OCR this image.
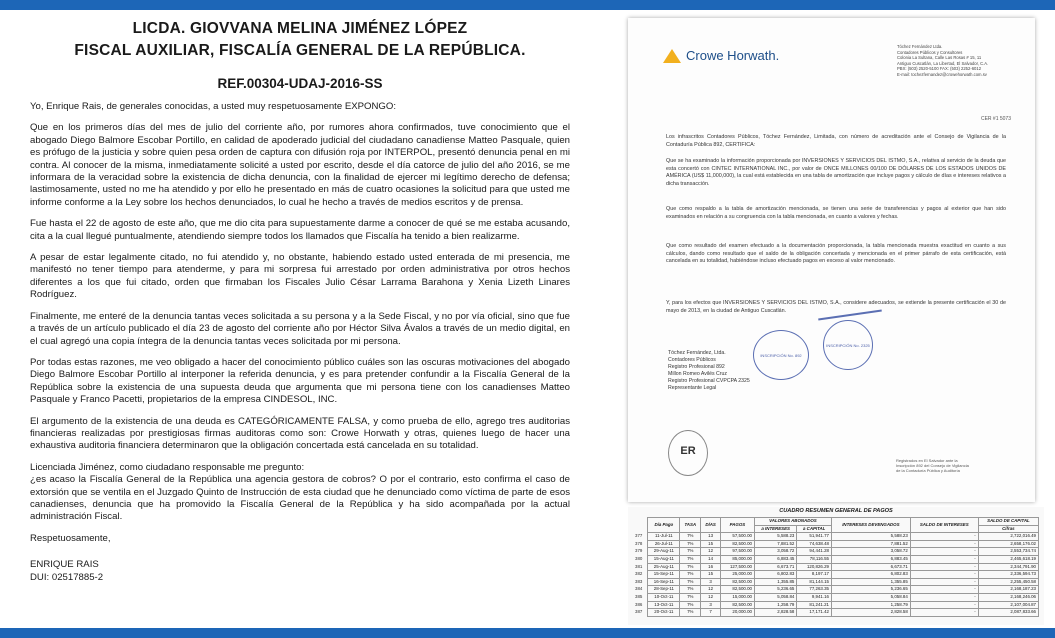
LICDA. GIOVVANA MELINA JIMÉNEZ LÓPEZ
FISCAL AUXILIAR, FISCALÍA GENERAL DE LA REPÚBLICA.
REF.00304-UDAJ-2016-SS

Yo, Enrique Rais, de generales conocidas, a usted muy respetuosamente EXPONGO:

Que en los primeros días del mes de julio del corriente año, por rumores ahora confirmados, tuve conocimiento que el abogado Diego Balmore Escobar Portillo, en calidad de apoderado judicial del ciudadano canadiense Matteo Pasquale, quien es prófugo de la justicia y sobre quien pesa orden de captura con difusión roja por INTERPOL, presentó denuncia penal en mi contra. Al conocer de la misma, inmediatamente solicité a usted por escrito, desde el día catorce de julio del año 2016, se me informara de la veracidad sobre la existencia de dicha denuncia, con la finalidad de ejercer mi legítimo derecho de defensa; lastimosamente, usted no me ha atendido y por ello he presentado en más de cuatro ocasiones la solicitud para que usted me informe conforme a la Ley sobre los hechos denunciados, lo cual he hecho a través de medios escritos y de prensa.

Fue hasta el 22 de agosto de este año, que me dio cita para supuestamente darme a conocer de qué se me estaba acusando, cita a la cual llegué puntualmente, atendiendo siempre todos los llamados que Fiscalía ha tenido a bien realizarme.

A pesar de estar legalmente citado, no fui atendido y, no obstante, habiendo estado usted enterada de mi presencia, me manifestó no tener tiempo para atenderme, y para mi sorpresa fui arrestado por orden administrativa por otros hechos diferentes a los que fui citado, orden que firmaban los Fiscales Julio César Larrama Barahona y Xenia Lizeth Linares Rodríguez.

Finalmente, me enteré de la denuncia tantas veces solicitada a su persona y a la Sede Fiscal, y no por vía oficial, sino que fue a través de un artículo publicado el día 23 de agosto del corriente año por Héctor Silva Ávalos a través de un medio digital, en el cual agregó una copia íntegra de la denuncia tantas veces solicitada por mi persona.

Por todas estas razones, me veo obligado a hacer del conocimiento público cuáles son las oscuras motivaciones del abogado Diego Balmore Escobar Portillo al interponer la referida denuncia, y es para pretender confundir a la Fiscalía General de la República sobre la existencia de una supuesta deuda que argumenta que mi persona tiene con los canadienses Matteo Pasquale y Franco Pacetti, propietarios de la empresa CINDESOL, INC.

El argumento de la existencia de una deuda es CATEGÓRICAMENTE FALSA, y como prueba de ello, agrego tres auditorias financieras realizadas por prestigiosas firmas auditoras como son: Crowe Horwath y otras, quienes luego de hacer una exhaustiva auditoria financiera determinaron que la obligación concertada está cancelada en su totalidad.

Licenciada Jiménez, como ciudadano responsable me pregunto:
¿es acaso la Fiscalía General de la República una agencia gestora de cobros? O por el contrario, esto confirma el caso de extorsión que se ventila en el Juzgado Quinto de Instrucción de esta ciudad que he denunciado como víctima de parte de esos canadienses, denuncia que ha promovido la Fiscalía General de la República y ha sido acompañada por la actual administración Fiscal.

Respetuosamente,

ENRIQUE RAIS

DUI: 02517885-2

Crowe Horwath.
Tóchez Fernández Ltda.
Contadores Públicos y Consultores
Colonia La Sultana, Calle Las Rosas # 15, 11
Antiguo Cuscatlán, La Libertad, El Salvador, C.A.
PBX: (503) 2520-5100 FAX: (503) 2252-6012
E-mail: tochezfernandez@crowehorwath.com.sv
CER #1 5073

Los infrascritos Contadores Públicos, Tóchez Fernández, Limitada, con número de acreditación ante el Consejo de Vigilancia de la Contaduría Pública 892, CERTIFICA:

Que se ha examinado la información proporcionada por INVERSIONES Y SERVICIOS DEL ISTMO, S.A., relativa al servicio de la deuda que esta concertó con CINTEC INTERNATIONAL INC., por valor de ONCE MILLONES 00/100 DE DÓLARES DE LOS ESTADOS UNIDOS DE AMÉRICA (US$ 11,000,000), la cual está establecida en una tabla de amortización que incluye pagos y cálculo de días e intereses relativos a dicha transacción.

Que como respaldo a la tabla de amortización mencionada, se tienen una serie de transferencias y pagos al exterior que han sido examinados en relación a su congruencia con la tabla mencionada, en cuanto a valores y fechas.

Que como resultado del examen efectuado a la documentación proporcionada, la tabla mencionada muestra exactitud en cuanto a sus cálculos, dando como resultado que el saldo de la obligación concertada y mencionada en el primer párrafo de esta certificación, está cancelada en su totalidad, habiéndose incluso efectuado pagos en exceso al valor mencionado.

Y, para los efectos que INVERSIONES Y SERVICIOS DEL ISTMO, S.A., considere adecuados, se extiende la presente certificación el 30 de mayo de 2013, en la ciudad de Antiguo Cuscatlán.

INSCRIPCIÓN No. 892
INSCRIPCIÓN No. 2325

Tóchez Fernández, Ltda.
Contadores Públicos
Registro Profesional 892
Millon Romeo Avilés Cruz
Registro Profesional CVPCPA 2325
Representante Legal

ER

Registrados en El Salvador ante la
Inscripción 892 del Consejo de Vigilancia
de la Contaduría Pública y Auditoría

CUADRO RESUMEN GENERAL DE PAGOS
	Día Pago	TASA	DÍAS	PAGOS	VALORES ABONADOS		INTERESES DEVENGADOS	SALDO DE INTERESES	SALDO DE CAPITAL
					a INTERESES	a CAPITAL			Cifras
377	11-Jul-11	7%	13	57,500.00	5,588.23	51,941.77	5,588.23	-	2,722,016.49
378	26-Jul-11	7%	15	82,500.00	7,881.52	74,638.48	7,881.52	-	2,658,176.02
379	29-Aug-11	7%	12	97,500.00	3,058.72	94,441.28	3,058.72	-	2,553,734.74
380	15-Aug-11	7%	14	85,000.00	6,883.45	78,116.55	6,883.45	-	2,465,618.19
381	25-Aug-11	7%	16	127,500.00	6,673.71	120,826.29	6,673.71	-	2,344,791.90
382	15-Sep-11	7%	15	25,000.00	6,802.83	8,197.17	6,802.83	-	2,336,594.73
383	16-Sep-11	7%	3	82,500.00	1,355.85	81,144.15	1,355.85	-	2,255,450.58
384	28-Sep-11	7%	12	82,500.00	5,236.65	77,263.35	5,236.65	-	2,168,187.23
385	10-Oct-11	7%	12	15,000.00	5,058.84	9,941.16	5,058.84	-	2,168,246.06
386	13-Oct-11	7%	3	82,500.00	1,258.79	81,241.21	1,258.79	-	2,107,004.87
387	20-Oct-11	7%	7	20,000.00	2,828.58	17,171.42	2,828.58	-	2,087,833.66
